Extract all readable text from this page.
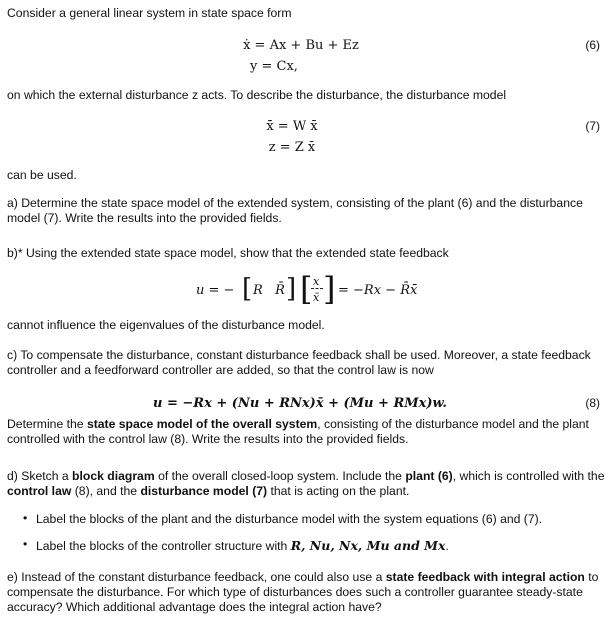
Consider a general linear system in state space form

ẋ = Ax + Bu + Ez	(6)
y = Cx,

on which the external disturbance z acts. To describe the disturbance, the disturbance model

x̄̇ = W x̄	(7)
z = Z x̄

can be used.

a) Determine the state space model of the extended system, consisting of the plant (6) and the disturbance model (7). Write the results into the provided fields.

b)* Using the extended state space model, show that the extended state feedback

u = − [ R   R̄ ] [ x
x̄ ] = −Rx − R̄x̄

cannot influence the eigenvalues of the disturbance model.

c) To compensate the disturbance, constant disturbance feedback shall be used. Moreover, a state feedback controller and a feedforward controller are added, so that the control law is now

u = −Rx + (Nu + RNx)x̄ + (Mu + RMx)w.	(8)

Determine the state space model of the overall system, consisting of the disturbance model and the plant controlled with the control law (8). Write the results into the provided fields.

d) Sketch a block diagram of the overall closed-loop system. Include the plant (6), which is controlled with the control law (8), and the disturbance model (7) that is acting on the plant.

• Label the blocks of the plant and the disturbance model with the system equations (6) and (7).
• Label the blocks of the controller structure with R, Nu, Nx, Mu and Mx.

e) Instead of the constant disturbance feedback, one could also use a state feedback with integral action to compensate the disturbance. For which type of disturbances does such a controller guarantee steady-state accuracy? Which additional advantage does the integral action have?
